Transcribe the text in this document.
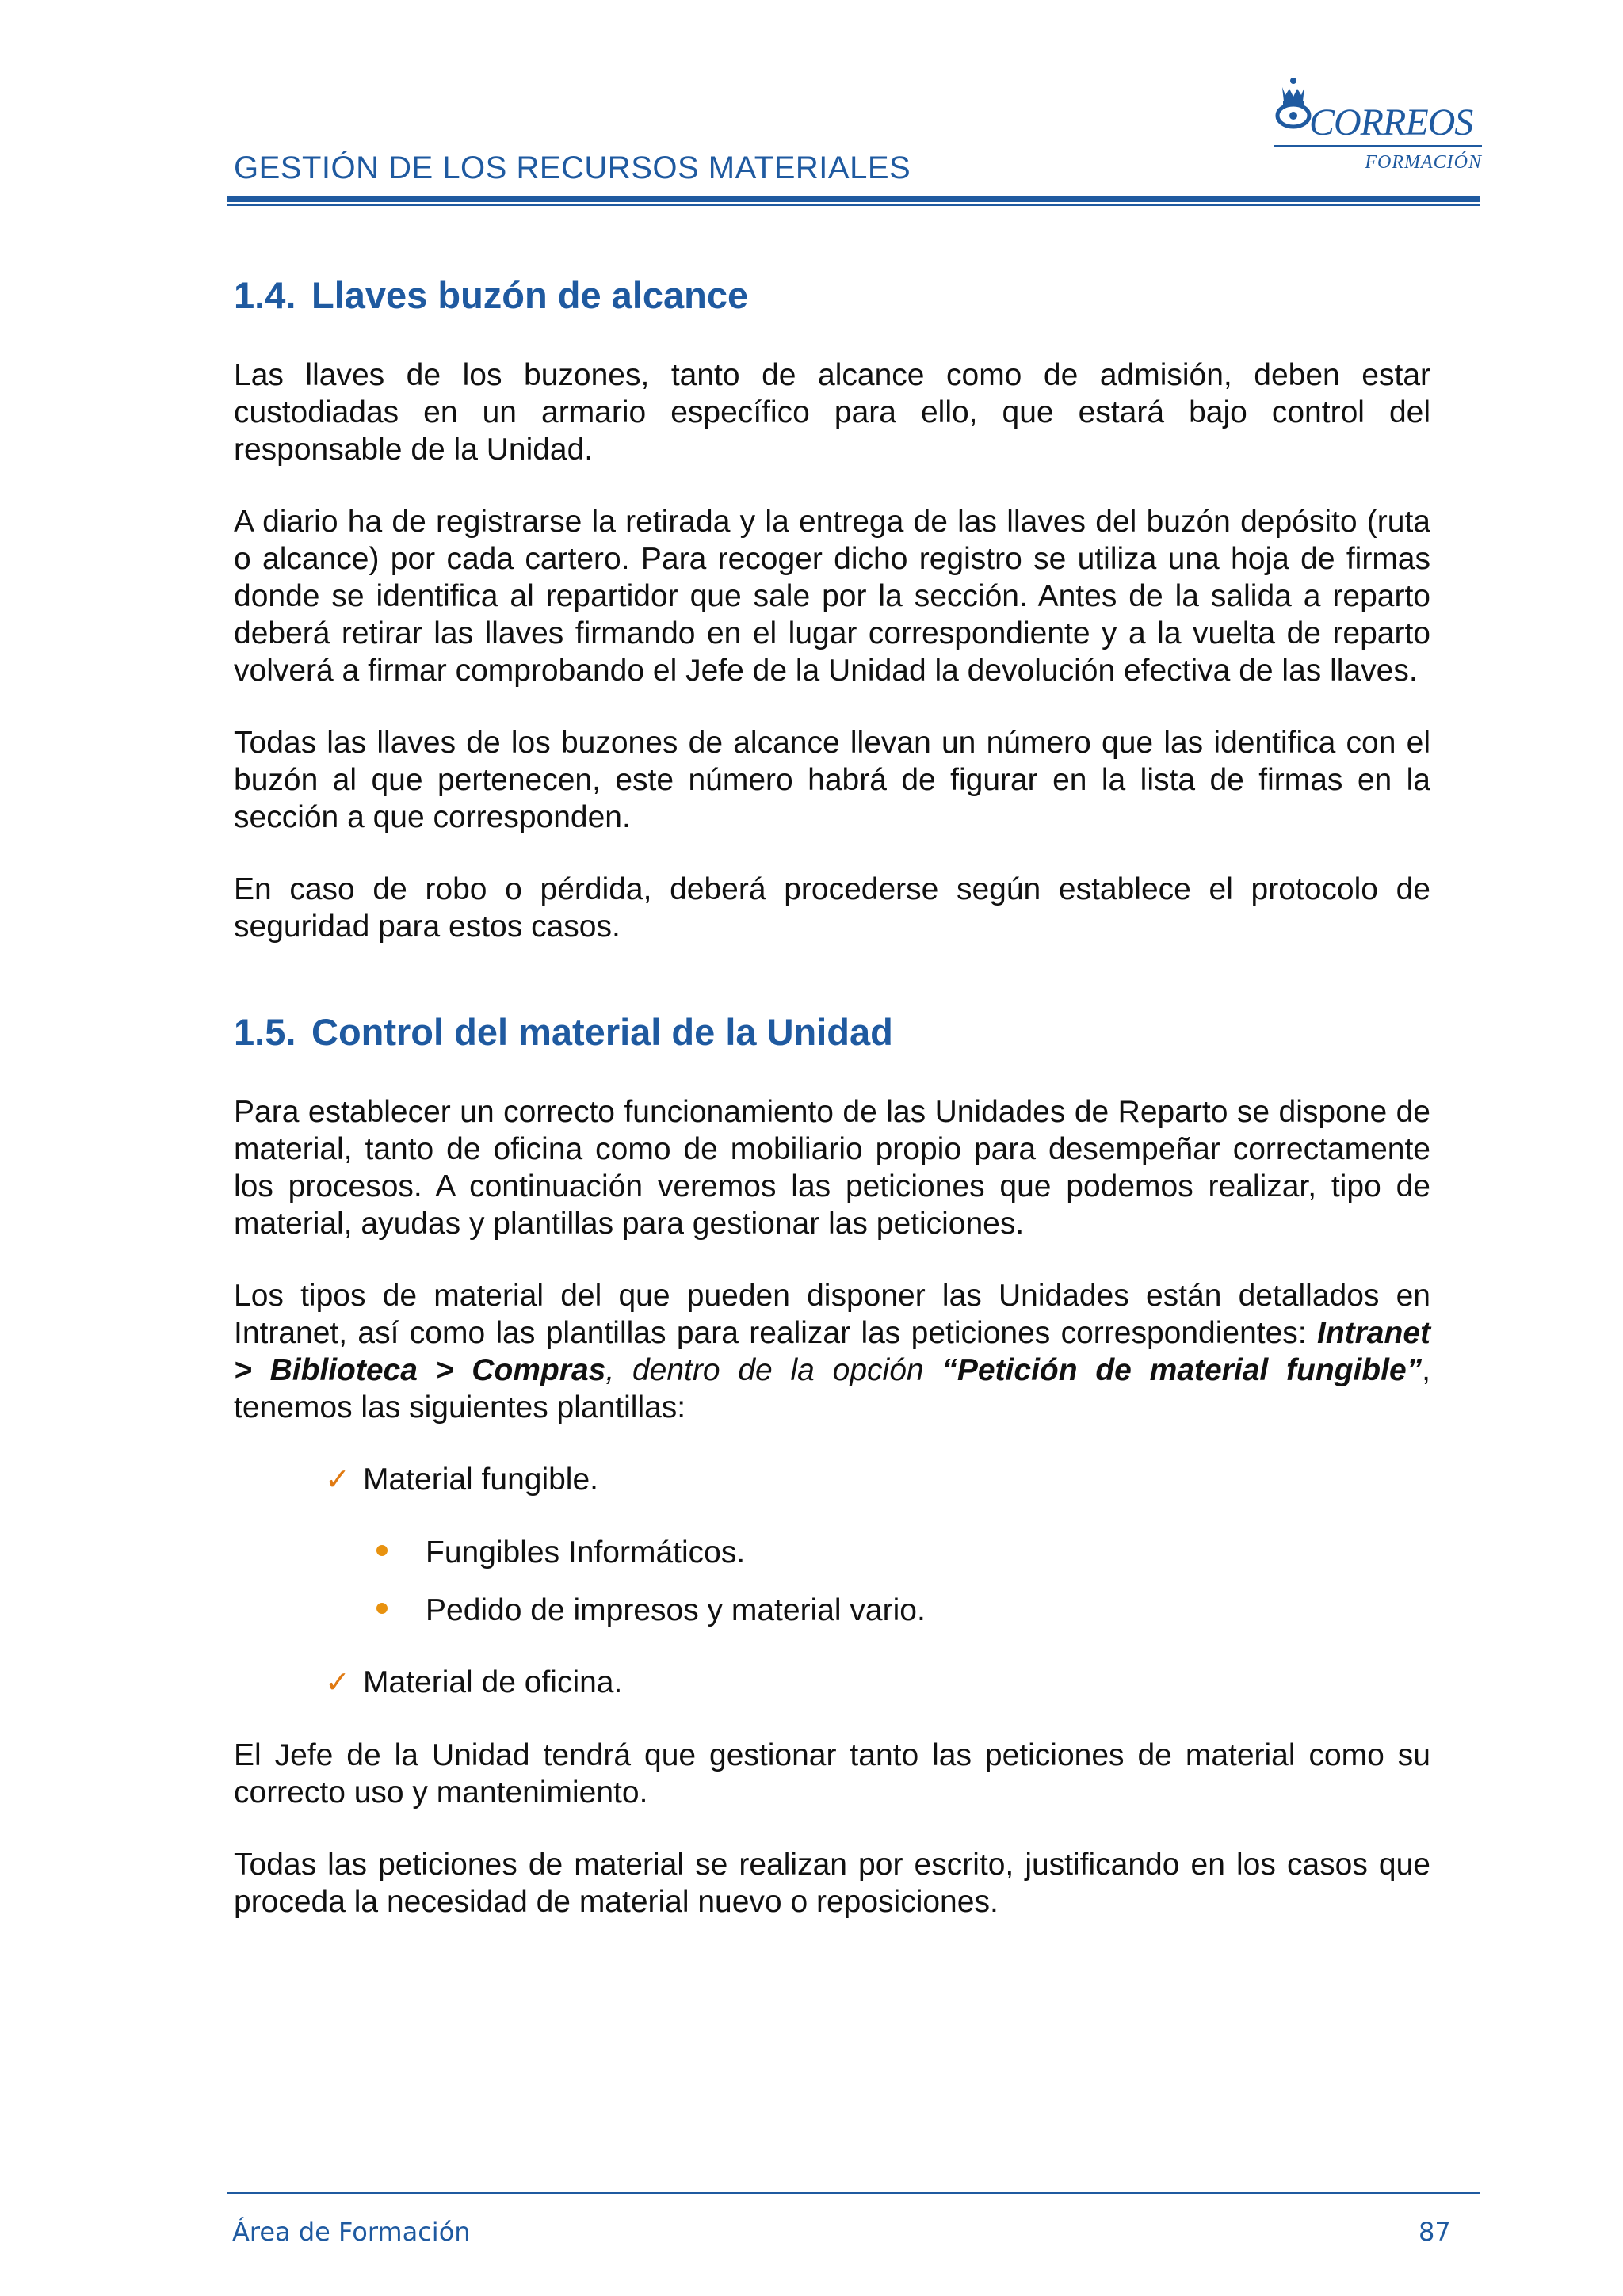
GESTIÓN DE LOS RECURSOS MATERIALES
CORREOS
FORMACIÓN
1.4. Llaves buzón de alcance

Las llaves de los buzones, tanto de alcance como de admisión, deben estar custodiadas en un armario específico para ello, que estará bajo control del responsable de la Unidad.

A diario ha de registrarse la retirada y la entrega de las llaves del buzón depósito (ruta o alcance) por cada cartero. Para recoger dicho registro se utiliza una hoja de firmas donde se identifica al repartidor que sale por la sección. Antes de la salida a reparto deberá retirar las llaves firmando en el lugar correspondiente y a la vuelta de reparto volverá a firmar comprobando el Jefe de la Unidad la devolución efectiva de las llaves.

Todas las llaves de los buzones de alcance llevan un número que las identifica con el buzón al que pertenecen, este número habrá de figurar en la lista de firmas en la sección a que corresponden.

En caso de robo o pérdida, deberá procederse según establece el protocolo de seguridad para estos casos.

1.5. Control del material de la Unidad

Para establecer un correcto funcionamiento de las Unidades de Reparto se dispone de material, tanto de oficina como de mobiliario propio para desempeñar correctamente los procesos. A continuación veremos las peticiones que podemos realizar, tipo de material, ayudas y plantillas para gestionar las peticiones.

Los tipos de material del que pueden disponer las Unidades están detallados en Intranet, así como las plantillas para realizar las peticiones correspondientes: Intranet > Biblioteca > Compras, dentro de la opción “Petición de material fungible”, tenemos las siguientes plantillas:

✓ Material fungible.
Fungibles Informáticos.
Pedido de impresos y material vario.
✓ Material de oficina.

El Jefe de la Unidad tendrá que gestionar tanto las peticiones de material como su correcto uso y mantenimiento.

Todas las peticiones de material se realizan por escrito, justificando en los casos que proceda la necesidad de material nuevo o reposiciones.

Área de Formación	87
